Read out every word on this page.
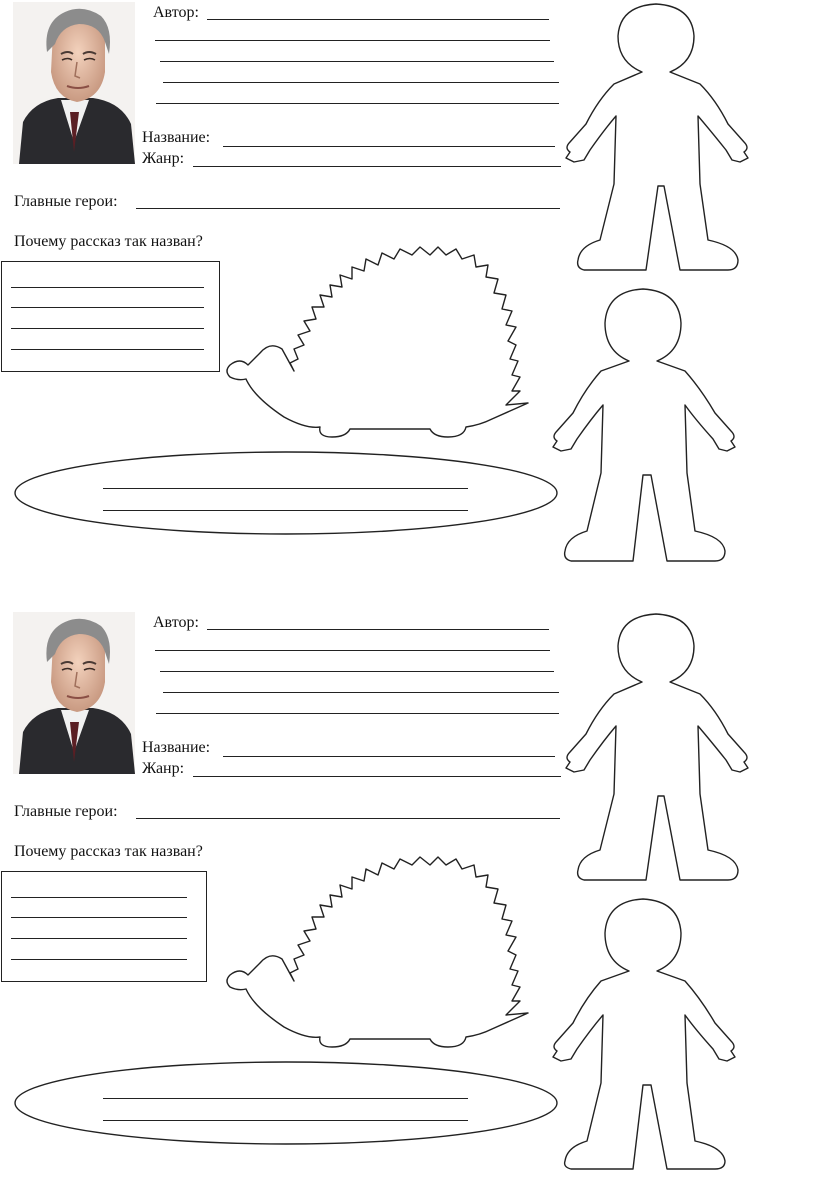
Автор:
Название:
Жанр:
Главные герои:
Почему рассказ так назван?
Автор:
Название:
Жанр:
Главные герои:
Почему рассказ так назван?
